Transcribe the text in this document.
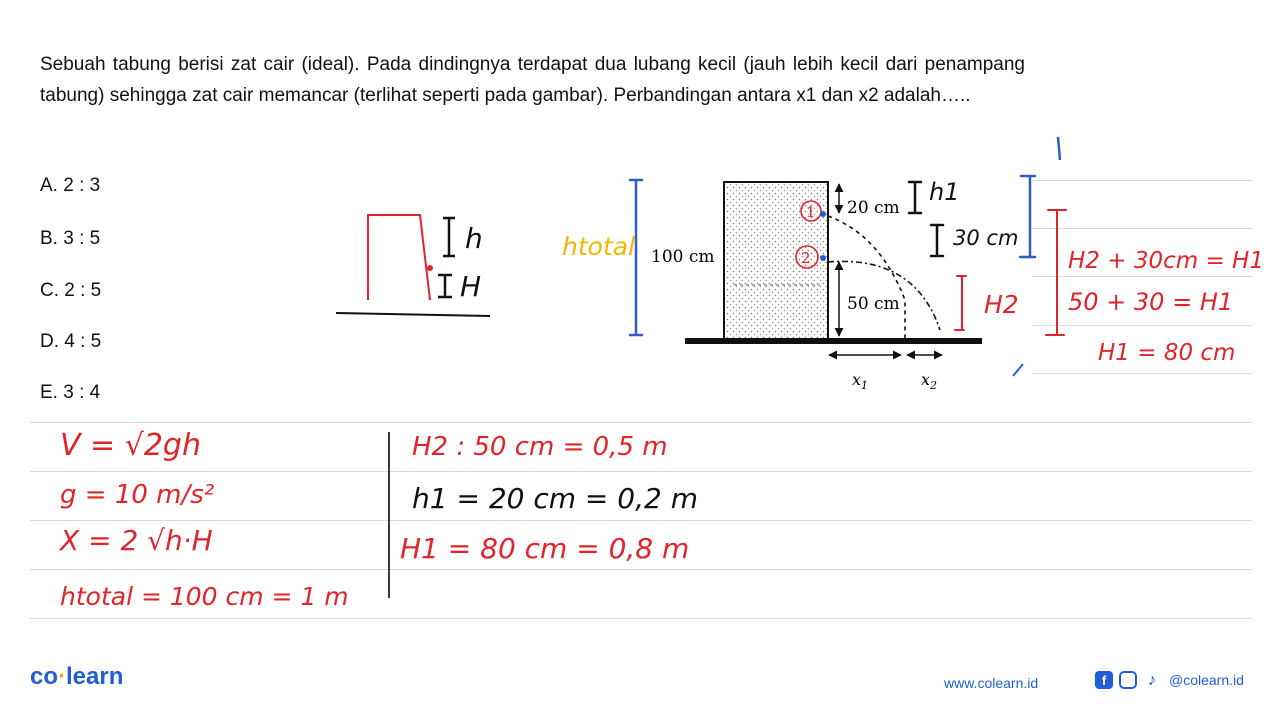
Sebuah tabung berisi zat cair (ideal). Pada dindingnya terdapat dua lubang kecil (jauh lebih kecil dari penampang tabung) sehingga zat cair memancar (terlihat seperti pada gambar). Perbandingan antara x1 dan x2 adalah…..
A. 2 : 3
B. 3 : 5
C. 2 : 5
D. 4 : 5
E. 3 : 4
100 cm
20 cm
50 cm
$x_1$	$x_2$
1
2
h
H
htotal
h1
30 cm
H2
H2 + 30cm = H1
50 + 30 = H1
H1 = 80 cm
V = √2gh
g = 10 m/s²
X = 2 √h·H
htotal = 100 cm = 1 m
H2 : 50 cm = 0,5 m
h1 = 20 cm = 0,2 m
H1 = 80 cm = 0,8 m
co·learn	www.colearn.id	f	♪ @colearn.id
